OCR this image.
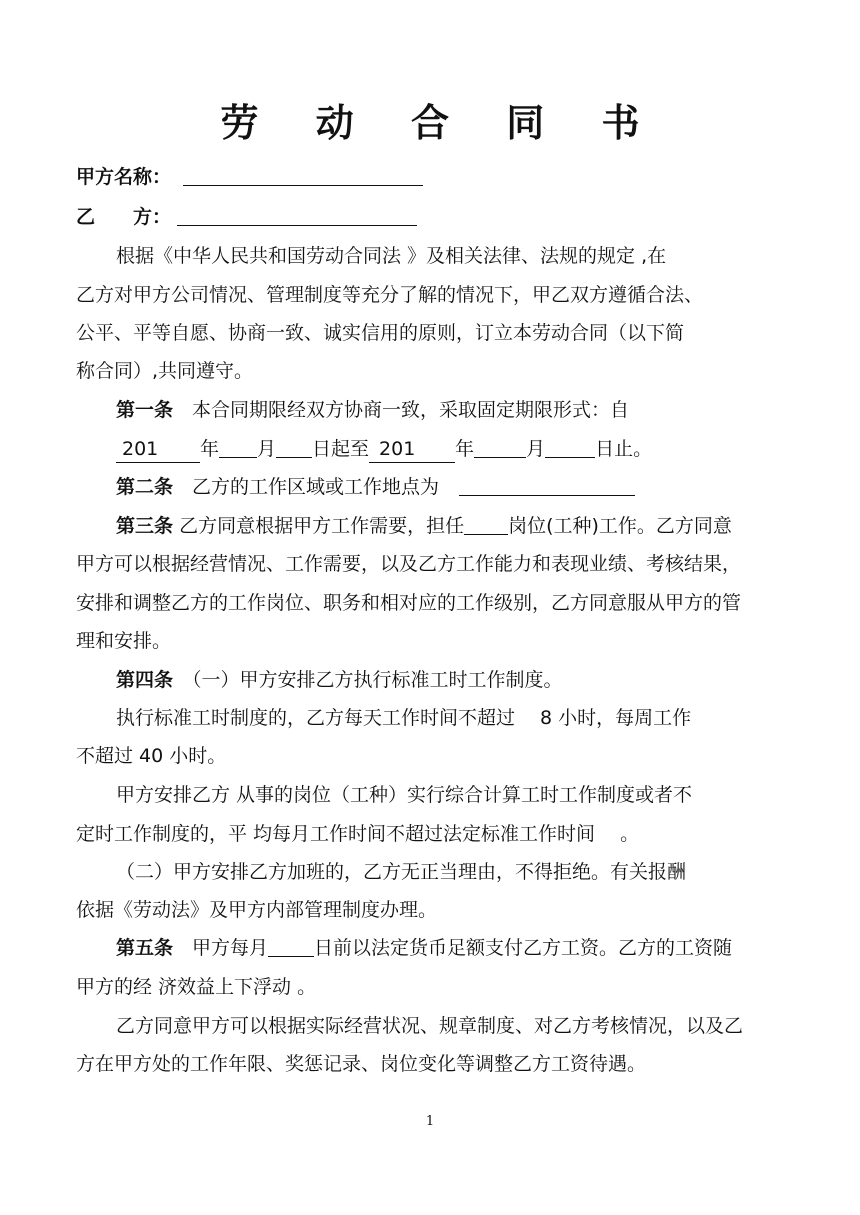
劳 动 合 同 书
甲方名称：
乙　　方：
根据《中华人民共和国劳动合同法 》及相关法律、法规的规定 ,在
乙方对甲方公司情况、管理制度等充分了解的情况下，甲乙双方遵循合法、
公平、平等自愿、协商一致、诚实信用的原则，订立本劳动合同（以下简
称合同）,共同遵守。
第一条　 本合同期限经双方协商一致，采取固定期限形式：自
201 年 月 日起至 201 年	月	日止。
第二条　 乙方的工作区域或工作地点为
第三条 乙方同意根据甲方工作需要，担任 岗位(工种)工作。乙方同意
甲方可以根据经营情况、工作需要，以及乙方工作能力和表现业绩、考核结果，
安排和调整乙方的工作岗位、职务和相对应的工作级别，乙方同意服从甲方的管
理和安排。
第四条　 （一）甲方安排乙方执行标准工时工作制度。
执行标准工时制度的，乙方每天工作时间不超过　 8 小时，每周工作
不超过 40 小时。
甲方安排乙方 从事的岗位（工种）实行综合计算工时工作制度或者不
定时工作制度的，平 均每月工作时间不超过法定标准工作时间　 。
（二）甲方安排乙方加班的，乙方无正当理由，不得拒绝。有关报酬
依据《劳动法》及甲方内部管理制度办理。
第五条　 甲方每月 日前以法定货币足额支付乙方工资。乙方的工资随
甲方的经 济效益上下浮动 。
乙方同意甲方可以根据实际经营状况、规章制度、对乙方考核情况，以及乙
方在甲方处的工作年限、奖惩记录、岗位变化等调整乙方工资待遇。
1
